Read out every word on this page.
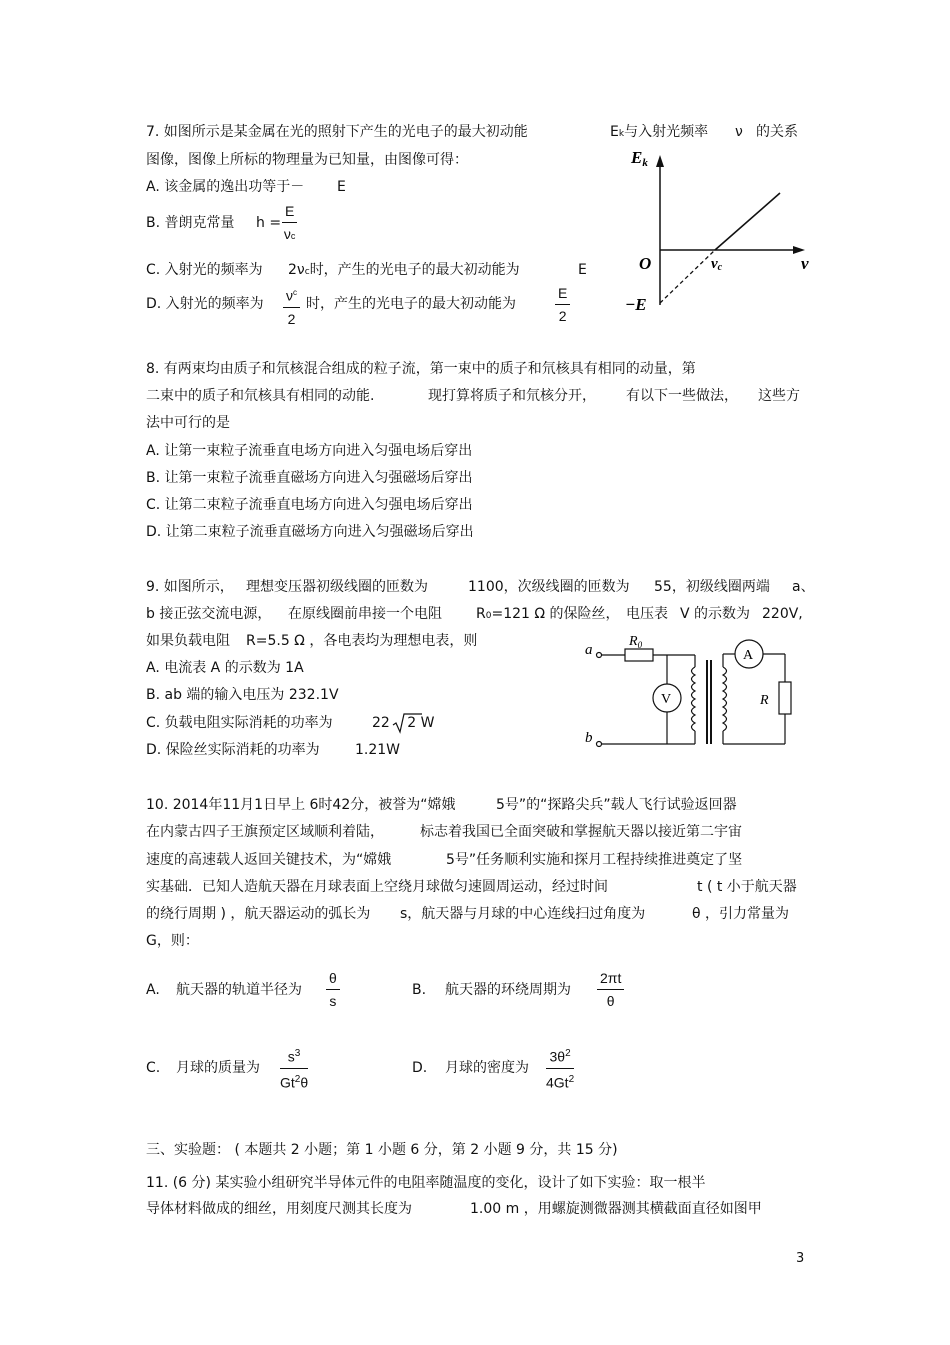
7. 如图所示是某金属在光的照射下产生的光电子的最大初动能	Ek与入射光频率 ν 的关系
图像，图像上所标的物理量为已知量，由图像可得：
A. 该金属的逸出功等于－ E
B. 普朗克常量 $h = \frac{E}{\nu c}$
C. 入射光的频率为 2νc时，产生的光电子的最大初动能为	E
D. 入射光的频率为 $\frac{\nu^c}{2}$ 时，产生的光电子的最大初动能为	$\frac{E}{2}$
Ek
ν
O	νc
−E
8. 有两束均由质子和氘核混合组成的粒子流，第一束中的质子和氘核具有相同的动量，第
二束中的质子和氘核具有相同的动能.	现打算将质子和氘核分开， 有以下一些做法， 这些方
法中可行的是
A. 让第一束粒子流垂直电场方向进入匀强电场后穿出
B. 让第一束粒子流垂直磁场方向进入匀强磁场后穿出
C. 让第二束粒子流垂直电场方向进入匀强电场后穿出
D. 让第二束粒子流垂直磁场方向进入匀强磁场后穿出
9. 如图所示， 理想变压器初级线圈的匝数为	1100，次级线圈的匝数为 55，初级线圈两端 a、
b 接正弦交流电源， 在原线圈前串接一个电阻 R0=121 Ω 的保险丝， 电压表 V 的示数为 220V,
如果负载电阻 R=5.5 Ω ，各电表均为理想电表，则
A. 电流表 A 的示数为 1A
B. ab 端的输入电压为 232.1V
C. 负载电阻实际消耗的功率为	22 2 W
D. 保险丝实际消耗的功率为	1.21W
a
b
$R_0$
V
A
R
10. 2014年11月1日早上 6时42分，被誉为“嫦娥	5号”的“探路尖兵”载人飞行试验返回器
在内蒙古四子王旗预定区域顺利着陆，	标志着我国已全面突破和掌握航天器以接近第二宇宙
速度的高速载人返回关键技术，为“嫦娥	5号”任务顺利实施和探月工程持续推进奠定了坚
实基础．已知人造航天器在月球表面上空绕月球做匀速圆周运动，经过时间	t ( t 小于航天器
的绕行周期 ) ，航天器运动的弧长为 s，航天器与月球的中心连线扫过角度为	θ ，引力常量为
G，则：
A. 航天器的轨道半径为 $\frac{\theta}{s}$	B. 航天器的环绕周期为 $\frac{2\pi t}{\theta}$
C. 月球的质量为 $\frac{s^3}{Gt^2\theta}$	D. 月球的密度为 $\frac{3\theta^2}{4Gt^2}$
三、实验题： ( 本题共 2 小题；第 1 小题 6 分，第 2 小题 9 分，共 15 分)
11. (6 分) 某实验小组研究半导体元件的电阻率随温度的变化，设计了如下实验：取一根半
导体材料做成的细丝，用刻度尺测其长度为	1.00 m ，用螺旋测微器测其横截面直径如图甲
3
